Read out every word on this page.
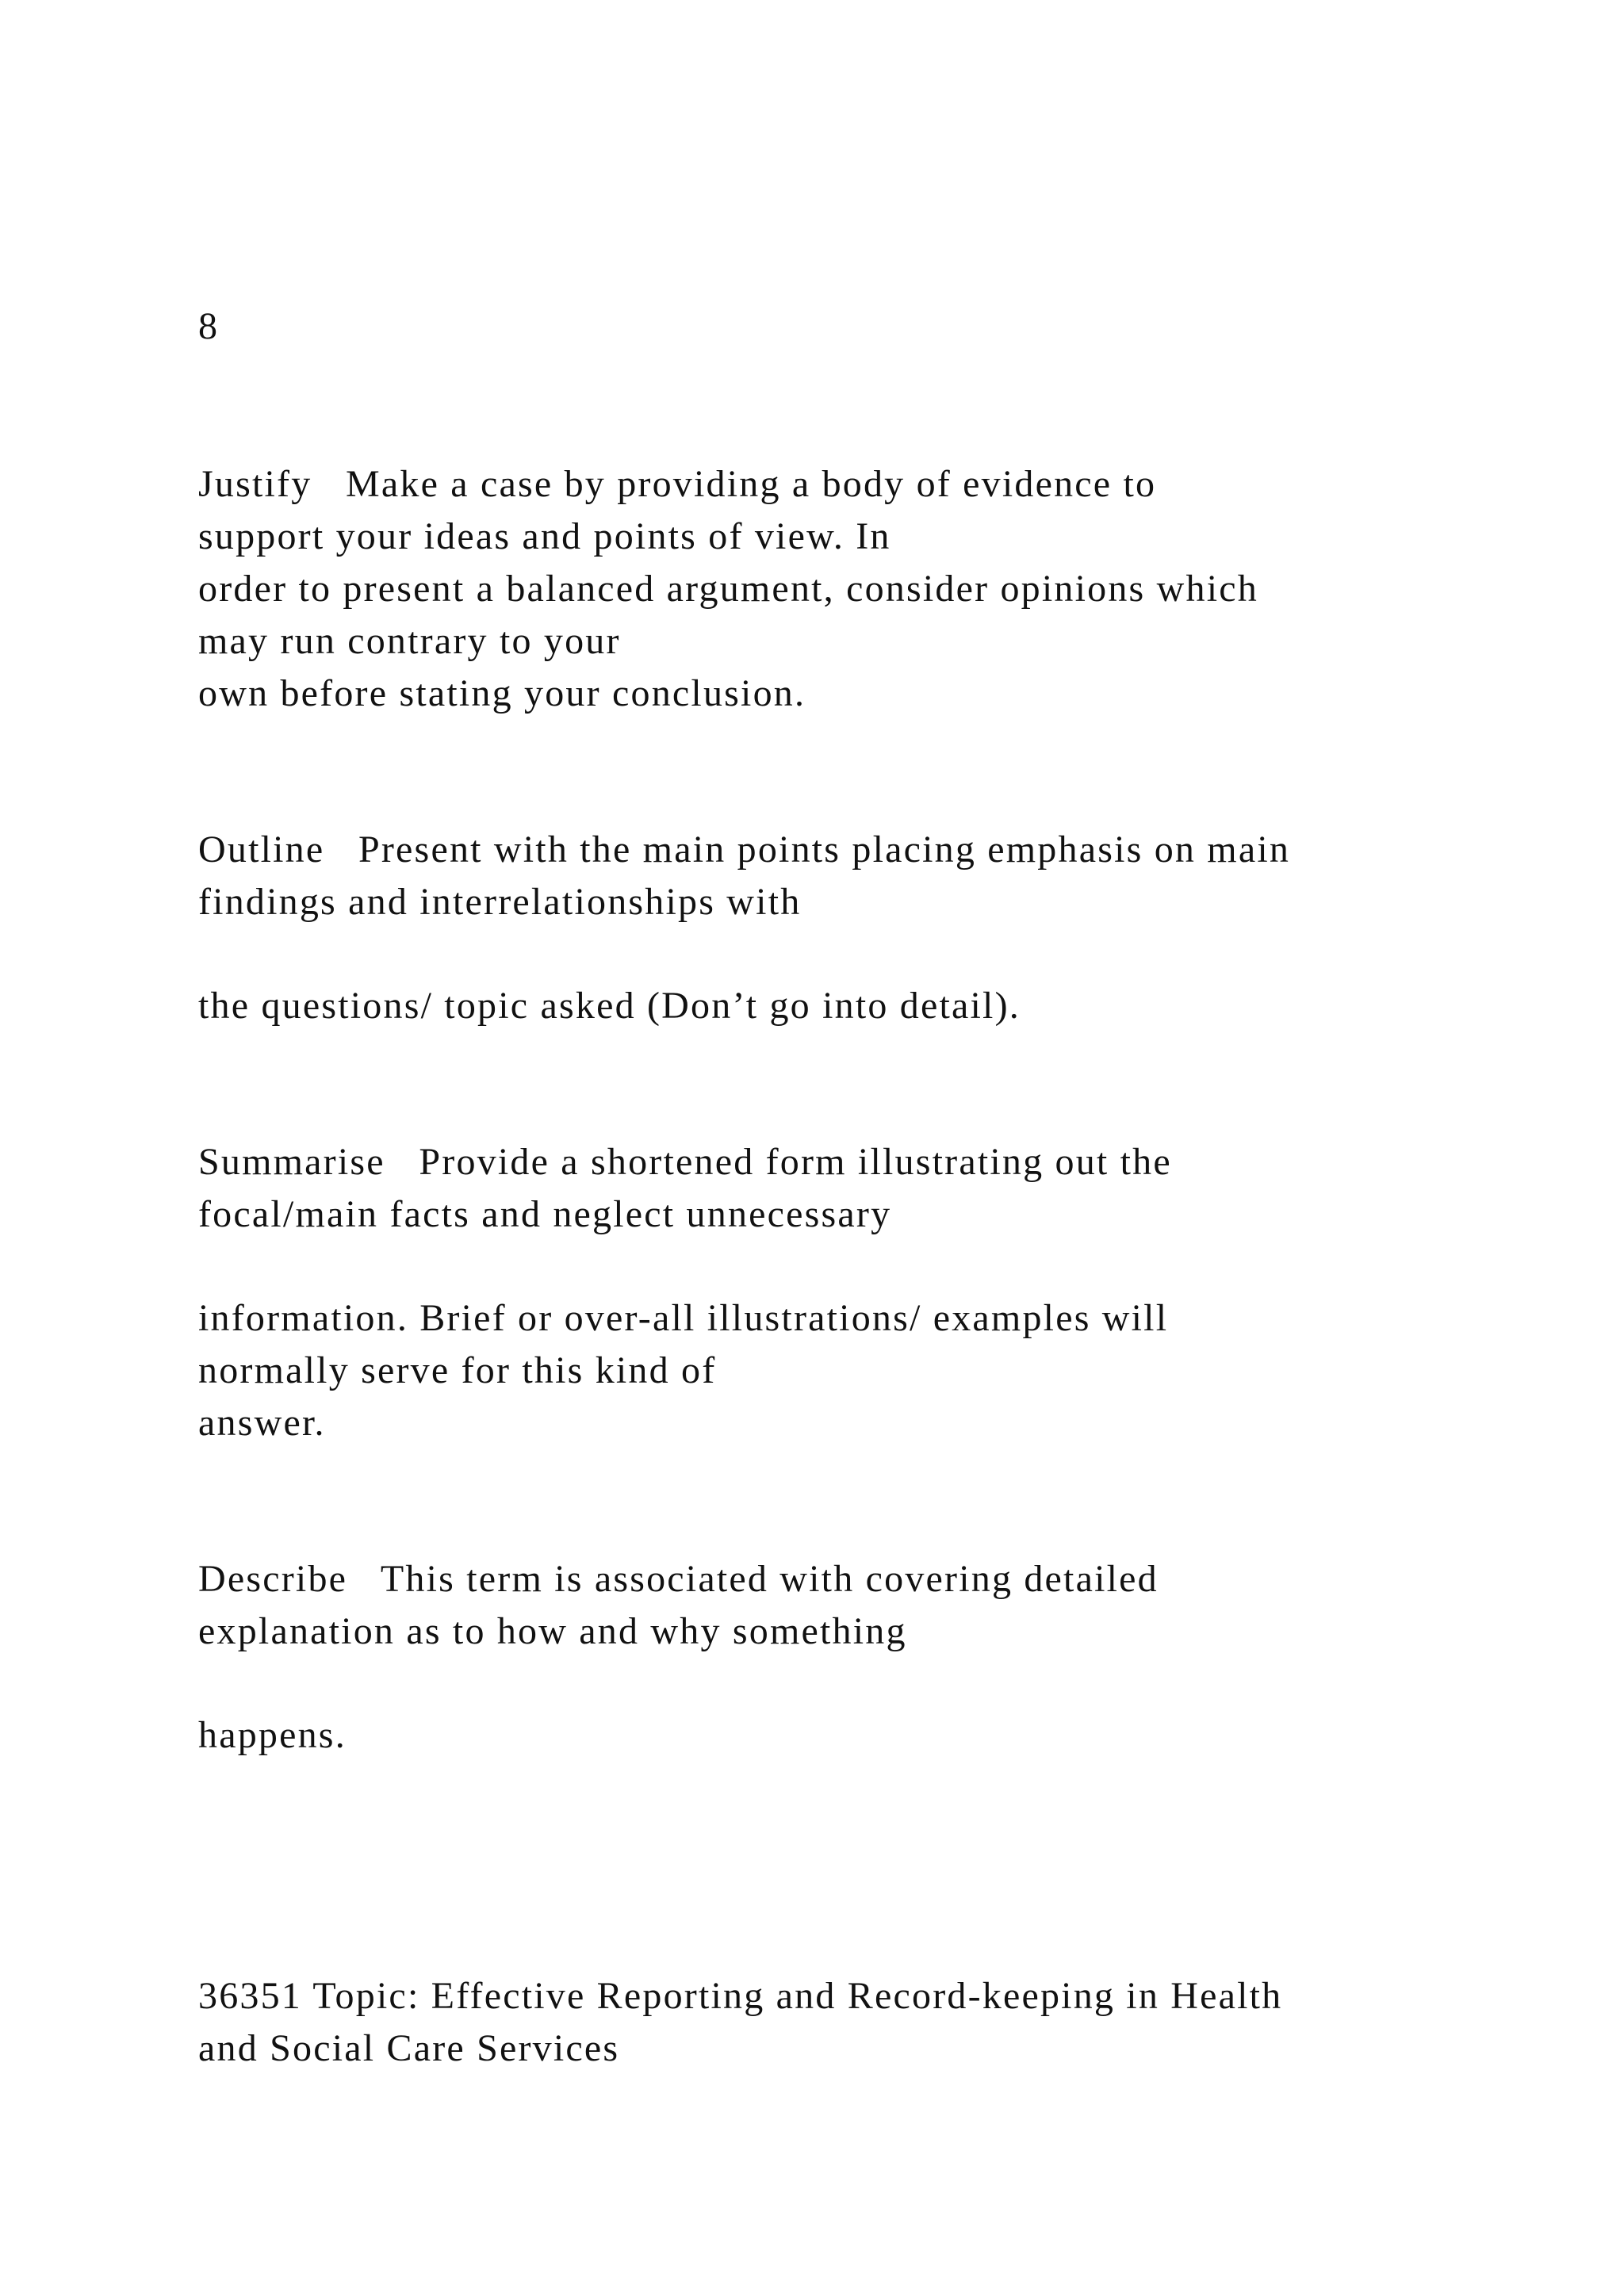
8

Justify   Make a case by providing a body of evidence to

support your ideas and points of view. In

order to present a balanced argument, consider opinions which

may run contrary to your

own before stating your conclusion.

Outline   Present with the main points placing emphasis on main

findings and interrelationships with

the questions/ topic asked (Don’t go into detail).

Summarise   Provide a shortened form illustrating out the

focal/main facts and neglect unnecessary

information. Brief or over-all illustrations/ examples will

normally serve for this kind of

answer.

Describe   This term is associated with covering detailed

explanation as to how and why something

happens.

36351 Topic: Effective Reporting and Record-keeping in Health

and Social Care Services
